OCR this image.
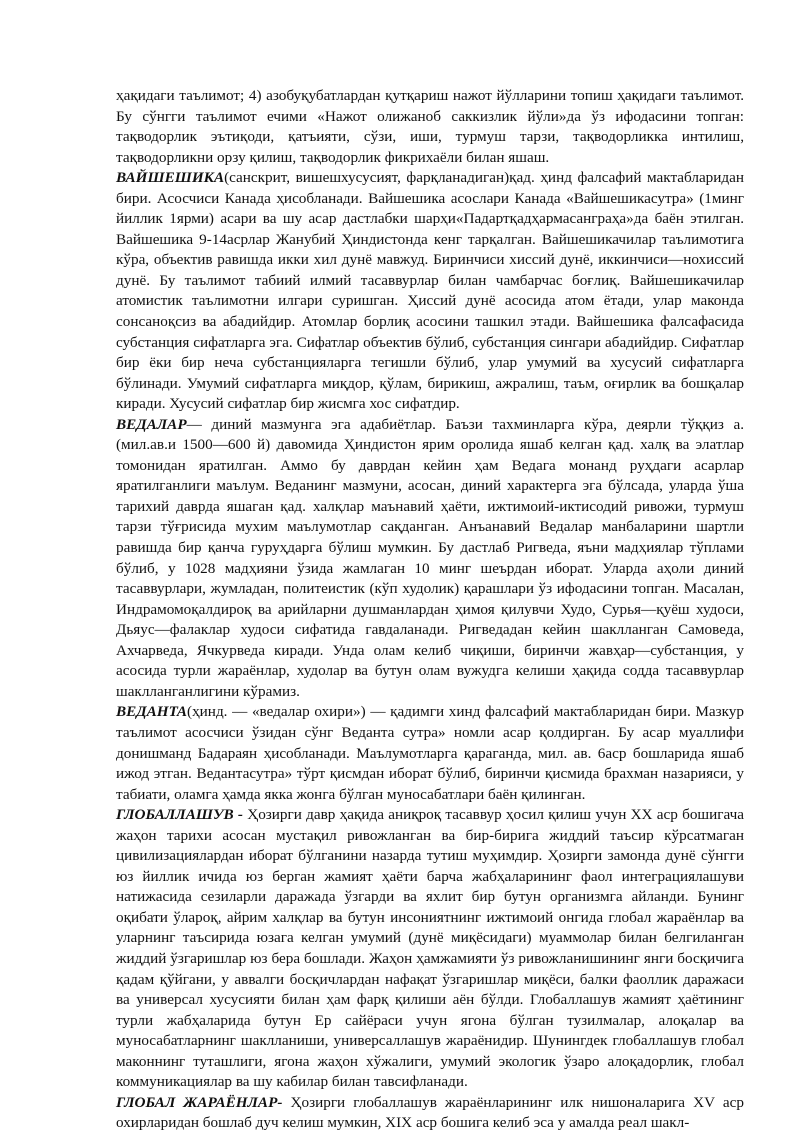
ҳақидаги таълимот; 4) азобуқубатлардан қутқариш нажот йўлларини топиш ҳақидаги таълимот. Бу сўнгги таълимот ечими «Нажот олижаноб саккизлик йўли»да ўз ифодасини топган: тақводорлик эътиқоди, қатъияти, сўзи, иши, турмуш тарзи, тақводорликка интилиш, тақводорликни орзу қилиш, тақводорлик фикрихаёли билан яшаш.

ВАЙШЕШИКА(санскрит, вишешхусусият, фарқланадиган)қад. ҳинд фалсафий мактабларидан бири. Асосчиси Канада ҳисобланади. Вайшешика асослари Канада «Вайшешикасутра» (1минг йиллик 1ярми) асари ва шу асар дастлабки шарҳи«Падартқадҳармасанграҳа»да баён этилган. Вайшешика 9-14асрлар Жанубий Ҳиндистонда кенг тарқалган. Вайшешикачилар таълимотига кўра, объектив равишда икки хил дунё мавжуд. Биринчиси хиссий дунё, иккинчиси—нохиссий дунё. Бу таълимот табиий илмий тасаввурлар билан чамбарчас боғлиқ. Вайшешикачилар атомистик таълимотни илгари суришган. Ҳиссий дунё асосида атом ётади, улар маконда сонсаноқсиз ва абадийдир. Атомлар борлиқ асосини ташкил этади. Вайшешика фалсафасида субстанция сифатларга эга. Сифатлар объектив бўлиб, субстанция сингари абадийдир. Сифатлар бир ёки бир неча субстанцияларга тегишли бўлиб, улар умумий ва хусусий сифатларга бўлинади. Умумий сифатларга миқдор, қўлам, бирикиш, ажралиш, таъм, оғирлик ва бошқалар киради. Хусусий сифатлар бир жисмга хос сифатдир.

ВЕДАЛАР— диний мазмунга эга адабиётлар. Баъзи тахминларга кўра, деярли тўққиз а. (мил.ав.и 1500—600 й) давомида Ҳиндистон ярим оролида яшаб келган қад. халқ ва элатлар томонидан яратилган. Аммо бу даврдан кейин ҳам Ведага монанд руҳдаги асарлар яратилганлиги маълум. Веданинг мазмуни, асосан, диний характерга эга бўлсада, уларда ўша тарихий даврда яшаган қад. халқлар маънавий ҳаёти, ижтимоий-иктисодий ривожи, турмуш тарзи тўғрисида мухим маълумотлар сақданган. Анъанавий Ведалар манбаларини шартли равишда бир қанча гуруҳдарга бўлиш мумкин. Бу дастлаб Ригведа, яъни мадҳиялар тўплами бўлиб, у 1028 мадҳияни ўзида жамлаган 10 минг шеърдан иборат. Уларда аҳоли диний тасаввурлари, жумладан, политеистик (кўп худолик) қарашлари ўз ифодасини топган. Масалан, Индрамомоқалдироқ ва арийларни душманлардан ҳимоя қилувчи Худо, Сурья—қуёш худоси, Дьяус—фалаклар худоси сифатида гавдаланади. Ригведадан кейин шаклланган Самоведа, Ахчарведа, Ячкурведа киради. Унда олам келиб чиқиши, биринчи жавҳар—субстанция, у асосида турли жараёнлар, худолар ва бутун олам вужудга келиши ҳақида содда тасаввурлар шаклланганлигини кўрамиз.

ВЕДАНТА(ҳинд. — «ведалар охири») — қадимги хинд фалсафий мактабларидан бири. Мазкур таълимот асосчиси ўзидан сўнг Веданта сутра» номли асар қолдирган. Бу асар муаллифи донишманд Бадараян ҳисобланади. Маълумотларга қараганда, мил. ав. 6аср бошларида яшаб ижод этган. Ведантасутра» тўрт қисмдан иборат бўлиб, биринчи қисмида брахман назарияси, у табиати, оламга ҳамда якка жонга бўлган муносабатлари баён қилинган.

ГЛОБАЛЛАШУВ - Ҳозирги давр ҳақида аниқроқ тасаввур ҳосил қилиш учун XX аср бошигача жаҳон тарихи асосан мустақил ривожланган ва бир-бирига жиддий таъсир кўрсатмаган цивилизациялардан иборат бўлганини назарда тутиш муҳимдир. Ҳозирги замонда дунё сўнгги юз йиллик ичида юз берган жамият ҳаёти барча жабҳаларининг фаол интеграциялашуви натижасида сезиларли даражада ўзгарди ва яхлит бир бутун организмга айланди. Бунинг оқибати ўлароқ, айрим халқлар ва бутун инсониятнинг ижтимоий онгида глобал жараёнлар ва уларнинг таъсирида юзага келган умумий (дунё миқёсидаги) муаммолар билан белгиланган жиддий ўзгаришлар юз бера бошлади. Жаҳон ҳамжамияти ўз ривожланишининг янги босқичига қадам қўйгани, у аввалги босқичлардан нафақат ўзгаришлар миқёси, балки фаоллик даражаси ва универсал хусусияти билан ҳам фарқ қилиши аён бўлди. Глобаллашув жамият ҳаётининг турли жабҳаларида бутун Ер сайёраси учун ягона бўлган тузилмалар, алоқалар ва муносабатларнинг шаклланиши, универсаллашув жараёнидир. Шунингдек глобаллашув глобал маконнинг туташлиги, ягона жаҳон хўжалиги, умумий экологик ўзаро алоқадорлик, глобал коммуникациялар ва шу кабилар билан тавсифланади.

ГЛОБАЛ ЖАРАЁНЛАР- Ҳозирги глобаллашув жараёнларининг илк нишоналарига XV аср охирларидан бошлаб дуч келиш мумкин, XIX аср бошига келиб эса у амалда реал шакл-
